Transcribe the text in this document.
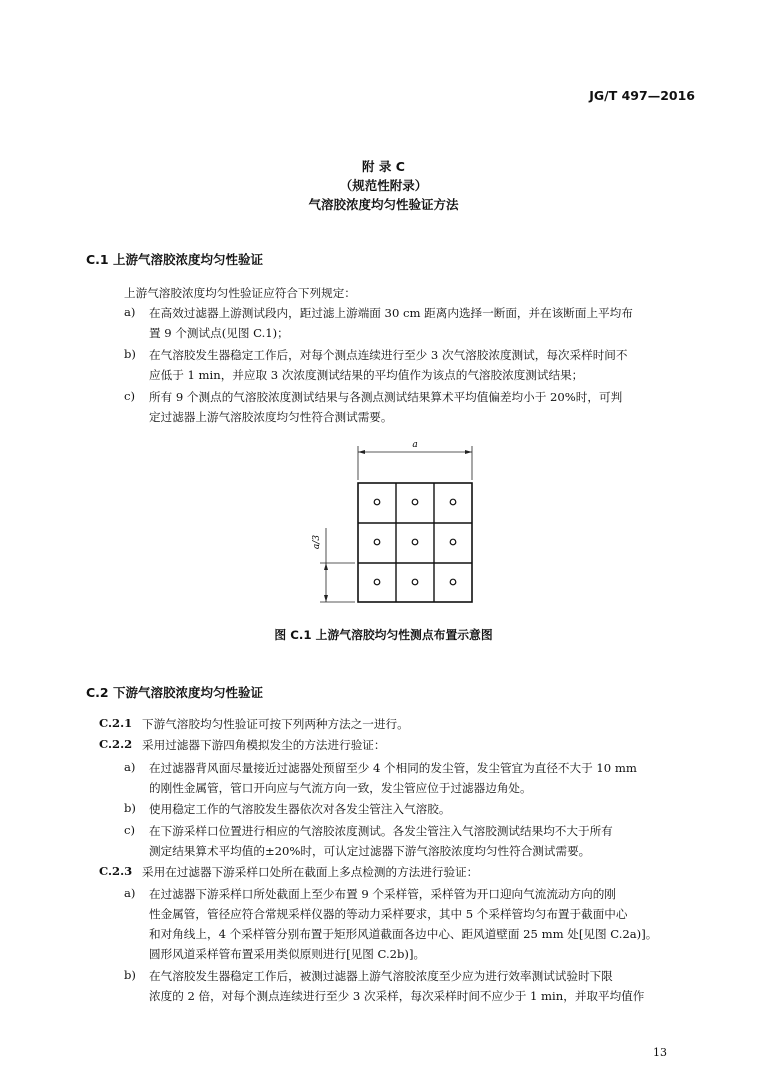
JG/T 497—2016
附 录 C
（规范性附录）
气溶胶浓度均匀性验证方法
C.1 上游气溶胶浓度均匀性验证
上游气溶胶浓度均匀性验证应符合下列规定：
a) 在高效过滤器上游测试段内，距过滤上游端面 30 cm 距离内选择一断面，并在该断面上平均布
置 9 个测试点(见图 C.1)；
b) 在气溶胶发生器稳定工作后，对每个测点连续进行至少 3 次气溶胶浓度测试，每次采样时间不
应低于 1 min，并应取 3 次浓度测试结果的平均值作为该点的气溶胶浓度测试结果；
c) 所有 9 个测点的气溶胶浓度测试结果与各测点测试结果算术平均值偏差均小于 20%时，可判
定过滤器上游气溶胶浓度均匀性符合测试需要。
a
a/3
图 C.1 上游气溶胶均匀性测点布置示意图
C.2 下游气溶胶浓度均匀性验证
C.2.1 下游气溶胶均匀性验证可按下列两种方法之一进行。
C.2.2 采用过滤器下游四角模拟发尘的方法进行验证：
a) 在过滤器背风面尽量接近过滤器处预留至少 4 个相同的发尘管，发尘管宜为直径不大于 10 mm
的刚性金属管，管口开向应与气流方向一致，发尘管应位于过滤器边角处。
b) 使用稳定工作的气溶胶发生器依次对各发尘管注入气溶胶。
c) 在下游采样口位置进行相应的气溶胶浓度测试。各发尘管注入气溶胶测试结果均不大于所有
测定结果算术平均值的±20%时，可认定过滤器下游气溶胶浓度均匀性符合测试需要。
C.2.3 采用在过滤器下游采样口处所在截面上多点检测的方法进行验证：
a) 在过滤器下游采样口所处截面上至少布置 9 个采样管，采样管为开口迎向气流流动方向的刚
性金属管，管径应符合常规采样仪器的等动力采样要求，其中 5 个采样管均匀布置于截面中心
和对角线上，4 个采样管分别布置于矩形风道截面各边中心、距风道壁面 25 mm 处[见图 C.2a)]。
圆形风道采样管布置采用类似原则进行[见图 C.2b)]。
b) 在气溶胶发生器稳定工作后，被测过滤器上游气溶胶浓度至少应为进行效率测试试验时下限
浓度的 2 倍，对每个测点连续进行至少 3 次采样，每次采样时间不应少于 1 min，并取平均值作
13
